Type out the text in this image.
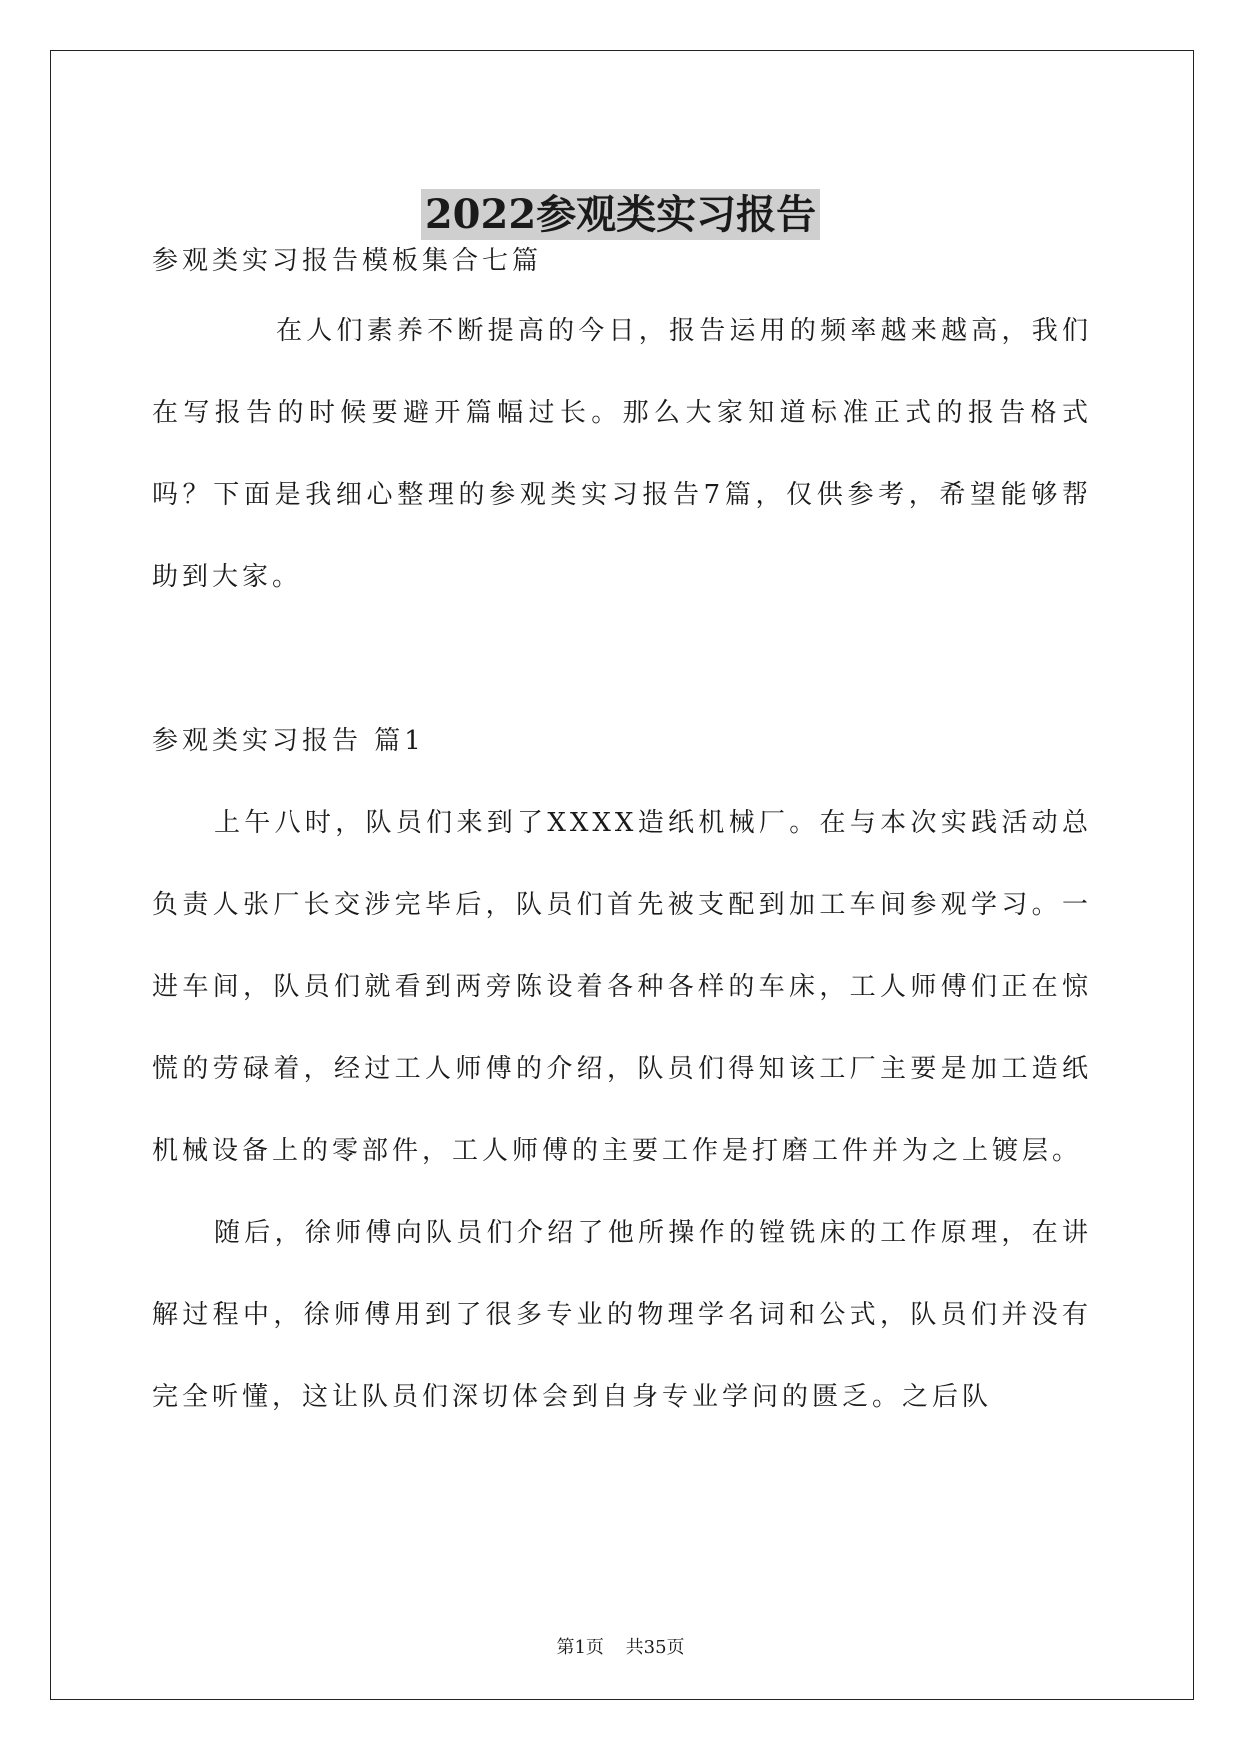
2022参观类实习报告

参观类实习报告模板集合七篇

在人们素养不断提高的今日，报告运用的频率越来越高，我们在写报告的时候要避开篇幅过长。那么大家知道标准正式的报告格式吗？下面是我细心整理的参观类实习报告7篇，仅供参考，希望能够帮助到大家。

参观类实习报告 篇1

上午八时，队员们来到了XXXX造纸机械厂。在与本次实践活动总负责人张厂长交涉完毕后，队员们首先被支配到加工车间参观学习。一进车间，队员们就看到两旁陈设着各种各样的车床，工人师傅们正在惊慌的劳碌着，经过工人师傅的介绍，队员们得知该工厂主要是加工造纸机械设备上的零部件，工人师傅的主要工作是打磨工件并为之上镀层。

随后，徐师傅向队员们介绍了他所操作的镗铣床的工作原理，在讲解过程中，徐师傅用到了很多专业的物理学名词和公式，队员们并没有完全听懂，这让队员们深切体会到自身专业学问的匮乏。之后队

第1页 共35页
